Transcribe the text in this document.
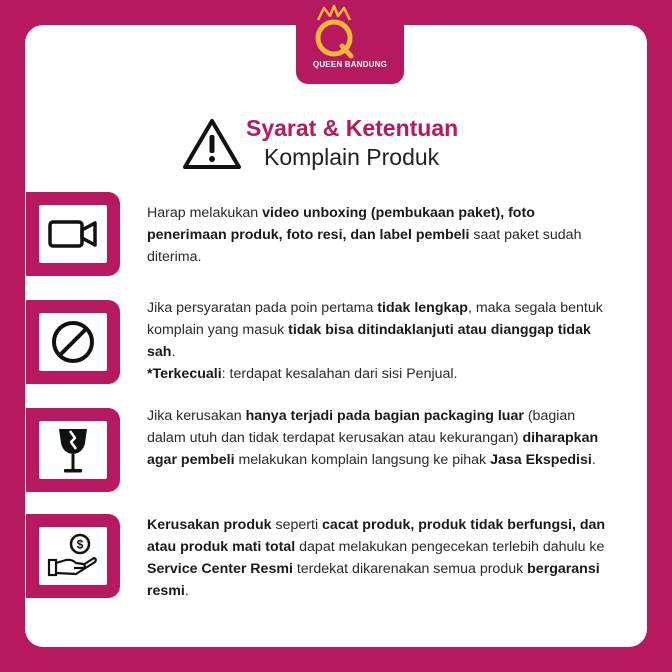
QUEEN BANDUNG
Syarat & Ketentuan
Komplain Produk
Harap melakukan video unboxing (pembukaan paket), foto penerimaan produk, foto resi, dan label pembeli saat paket sudah diterima.
Jika persyaratan pada poin pertama tidak lengkap, maka segala bentuk komplain yang masuk tidak bisa ditindaklanjuti atau dianggap tidak sah.
*Terkecuali: terdapat kesalahan dari sisi Penjual.
Jika kerusakan hanya terjadi pada bagian packaging luar (bagian dalam utuh dan tidak terdapat kerusakan atau kekurangan) diharapkan agar pembeli melakukan komplain langsung ke pihak Jasa Ekspedisi.
$
Kerusakan produk seperti cacat produk, produk tidak berfungsi, dan atau produk mati total dapat melakukan pengecekan terlebih dahulu ke Service Center Resmi terdekat dikarenakan semua produk bergaransi resmi.
